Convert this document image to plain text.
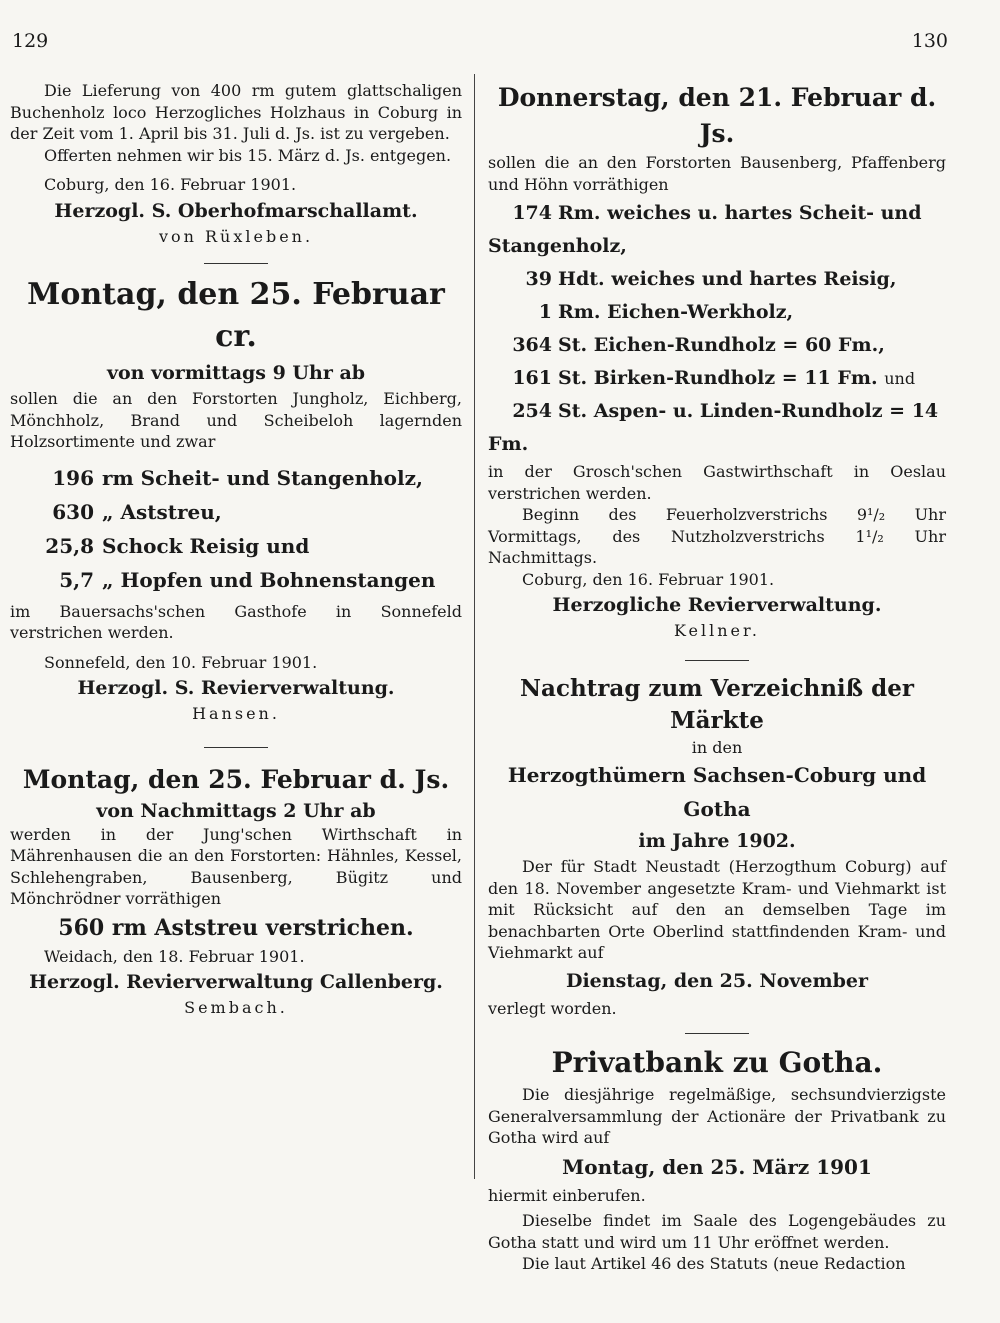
129	130

Die Lieferung von 400 rm gutem glattschaligen Buchenholz loco Herzogliches Holzhaus in Coburg in der Zeit vom 1. April bis 31. Juli d. Js. ist zu vergeben.

Offerten nehmen wir bis 15. März d. Js. entgegen.

Coburg, den 16. Februar 1901.

Herzogl. S. Oberhofmarschallamt.

von Rüxleben.

Montag, den 25. Februar cr.

von vormittags 9 Uhr ab

sollen die an den Forstorten Jungholz, Eichberg, Mönchholz, Brand und Scheibeloh lagernden Holzsortimente und zwar

196 rm Scheit- und Stangenholz,
630 „ Aststreu,
25,8 Schock Reisig und
5,7 „ Hopfen und Bohnenstangen

im Bauersachs'schen Gasthofe in Sonnefeld verstrichen werden.

Sonnefeld, den 10. Februar 1901.

Herzogl. S. Revierverwaltung.

Hansen.

Montag, den 25. Februar d. Js.

von Nachmittags 2 Uhr ab

werden in der Jung'schen Wirthschaft in Mährenhausen die an den Forstorten: Hähnles, Kessel, Schlehengraben, Bausenberg, Bügitz und Mönchrödner vorräthigen

560 rm Aststreu verstrichen.

Weidach, den 18. Februar 1901.

Herzogl. Revierverwaltung Callenberg.

Sembach.

Donnerstag, den 21. Februar d. Js.

sollen die an den Forstorten Bausenberg, Pfaffenberg und Höhn vorräthigen

174 Rm. weiches u. hartes Scheit- und Stangenholz,
39 Hdt. weiches und hartes Reisig,
1 Rm. Eichen-Werkholz,
364 St. Eichen-Rundholz = 60 Fm.,
161 St. Birken-Rundholz = 11 Fm. und
254 St. Aspen- u. Linden-Rundholz = 14 Fm.

in der Grosch'schen Gastwirthschaft in Oeslau verstrichen werden.

Beginn des Feuerholzverstrichs 9¹/₂ Uhr Vormittags, des Nutzholzverstrichs 1¹/₂ Uhr Nachmittags.

Coburg, den 16. Februar 1901.

Herzogliche Revierverwaltung.

Kellner.

Nachtrag zum Verzeichniß der Märkte

in den

Herzogthümern Sachsen-Coburg und Gotha

im Jahre 1902.

Der für Stadt Neustadt (Herzogthum Coburg) auf den 18. November angesetzte Kram- und Viehmarkt ist mit Rücksicht auf den an demselben Tage im benachbarten Orte Oberlind stattfindenden Kram- und Viehmarkt auf

Dienstag, den 25. November

verlegt worden.

Privatbank zu Gotha.

Die diesjährige regelmäßige, sechsundvierzigste Generalversammlung der Actionäre der Privatbank zu Gotha wird auf

Montag, den 25. März 1901

hiermit einberufen.

Dieselbe findet im Saale des Logengebäudes zu Gotha statt und wird um 11 Uhr eröffnet werden.

Die laut Artikel 46 des Statuts (neue Redaction
